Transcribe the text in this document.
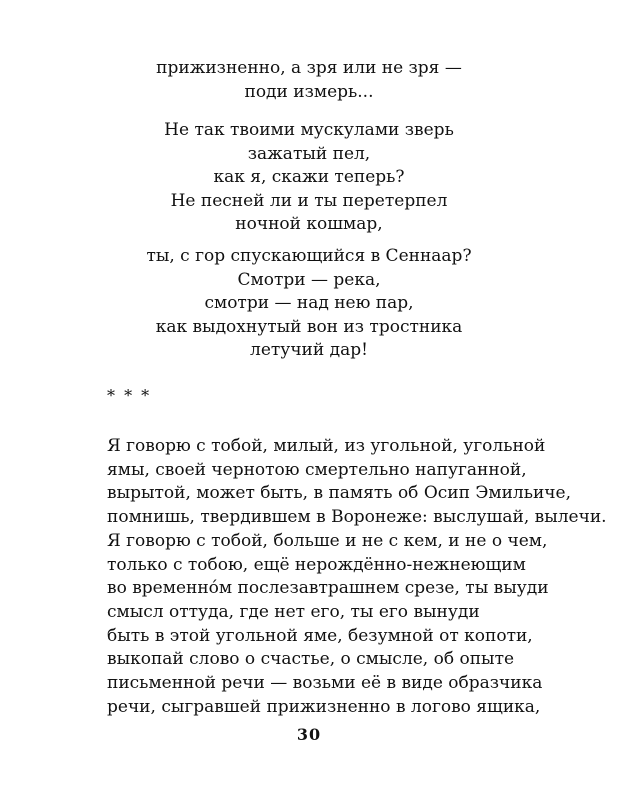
прижизненно, а зря или не зря —
поди измерь...
Не так твоими мускулами зверь
зажатый пел,
как я, скажи теперь?
Не песней ли и ты перетерпел
ночной кошмар,
ты, с гор спускающийся в Сеннаар?
Смотри — река,
смотри — над нею пар,
как выдохнутый вон из тростника
летучий дар!
* * *
Я говорю с тобой, милый, из угольной, угольной
ямы, своей чернотою смертельно напуганной,
вырытой, может быть, в память об Осип Эмильиче,
помнишь, твердившем в Воронеже: выслушай, вылечи.
Я говорю с тобой, больше и не с кем, и не о чем,
только с тобою, ещё нерождённо-нежнеющим
во временно́м послезавтрашнем срезе, ты выуди
смысл оттуда, где нет его, ты его вынуди
быть в этой угольной яме, безумной от копоти,
выкопай слово о счастье, о смысле, об опыте
письменной речи — возьми её в виде образчика
речи, сыгравшей прижизненно в логово ящика,
30
